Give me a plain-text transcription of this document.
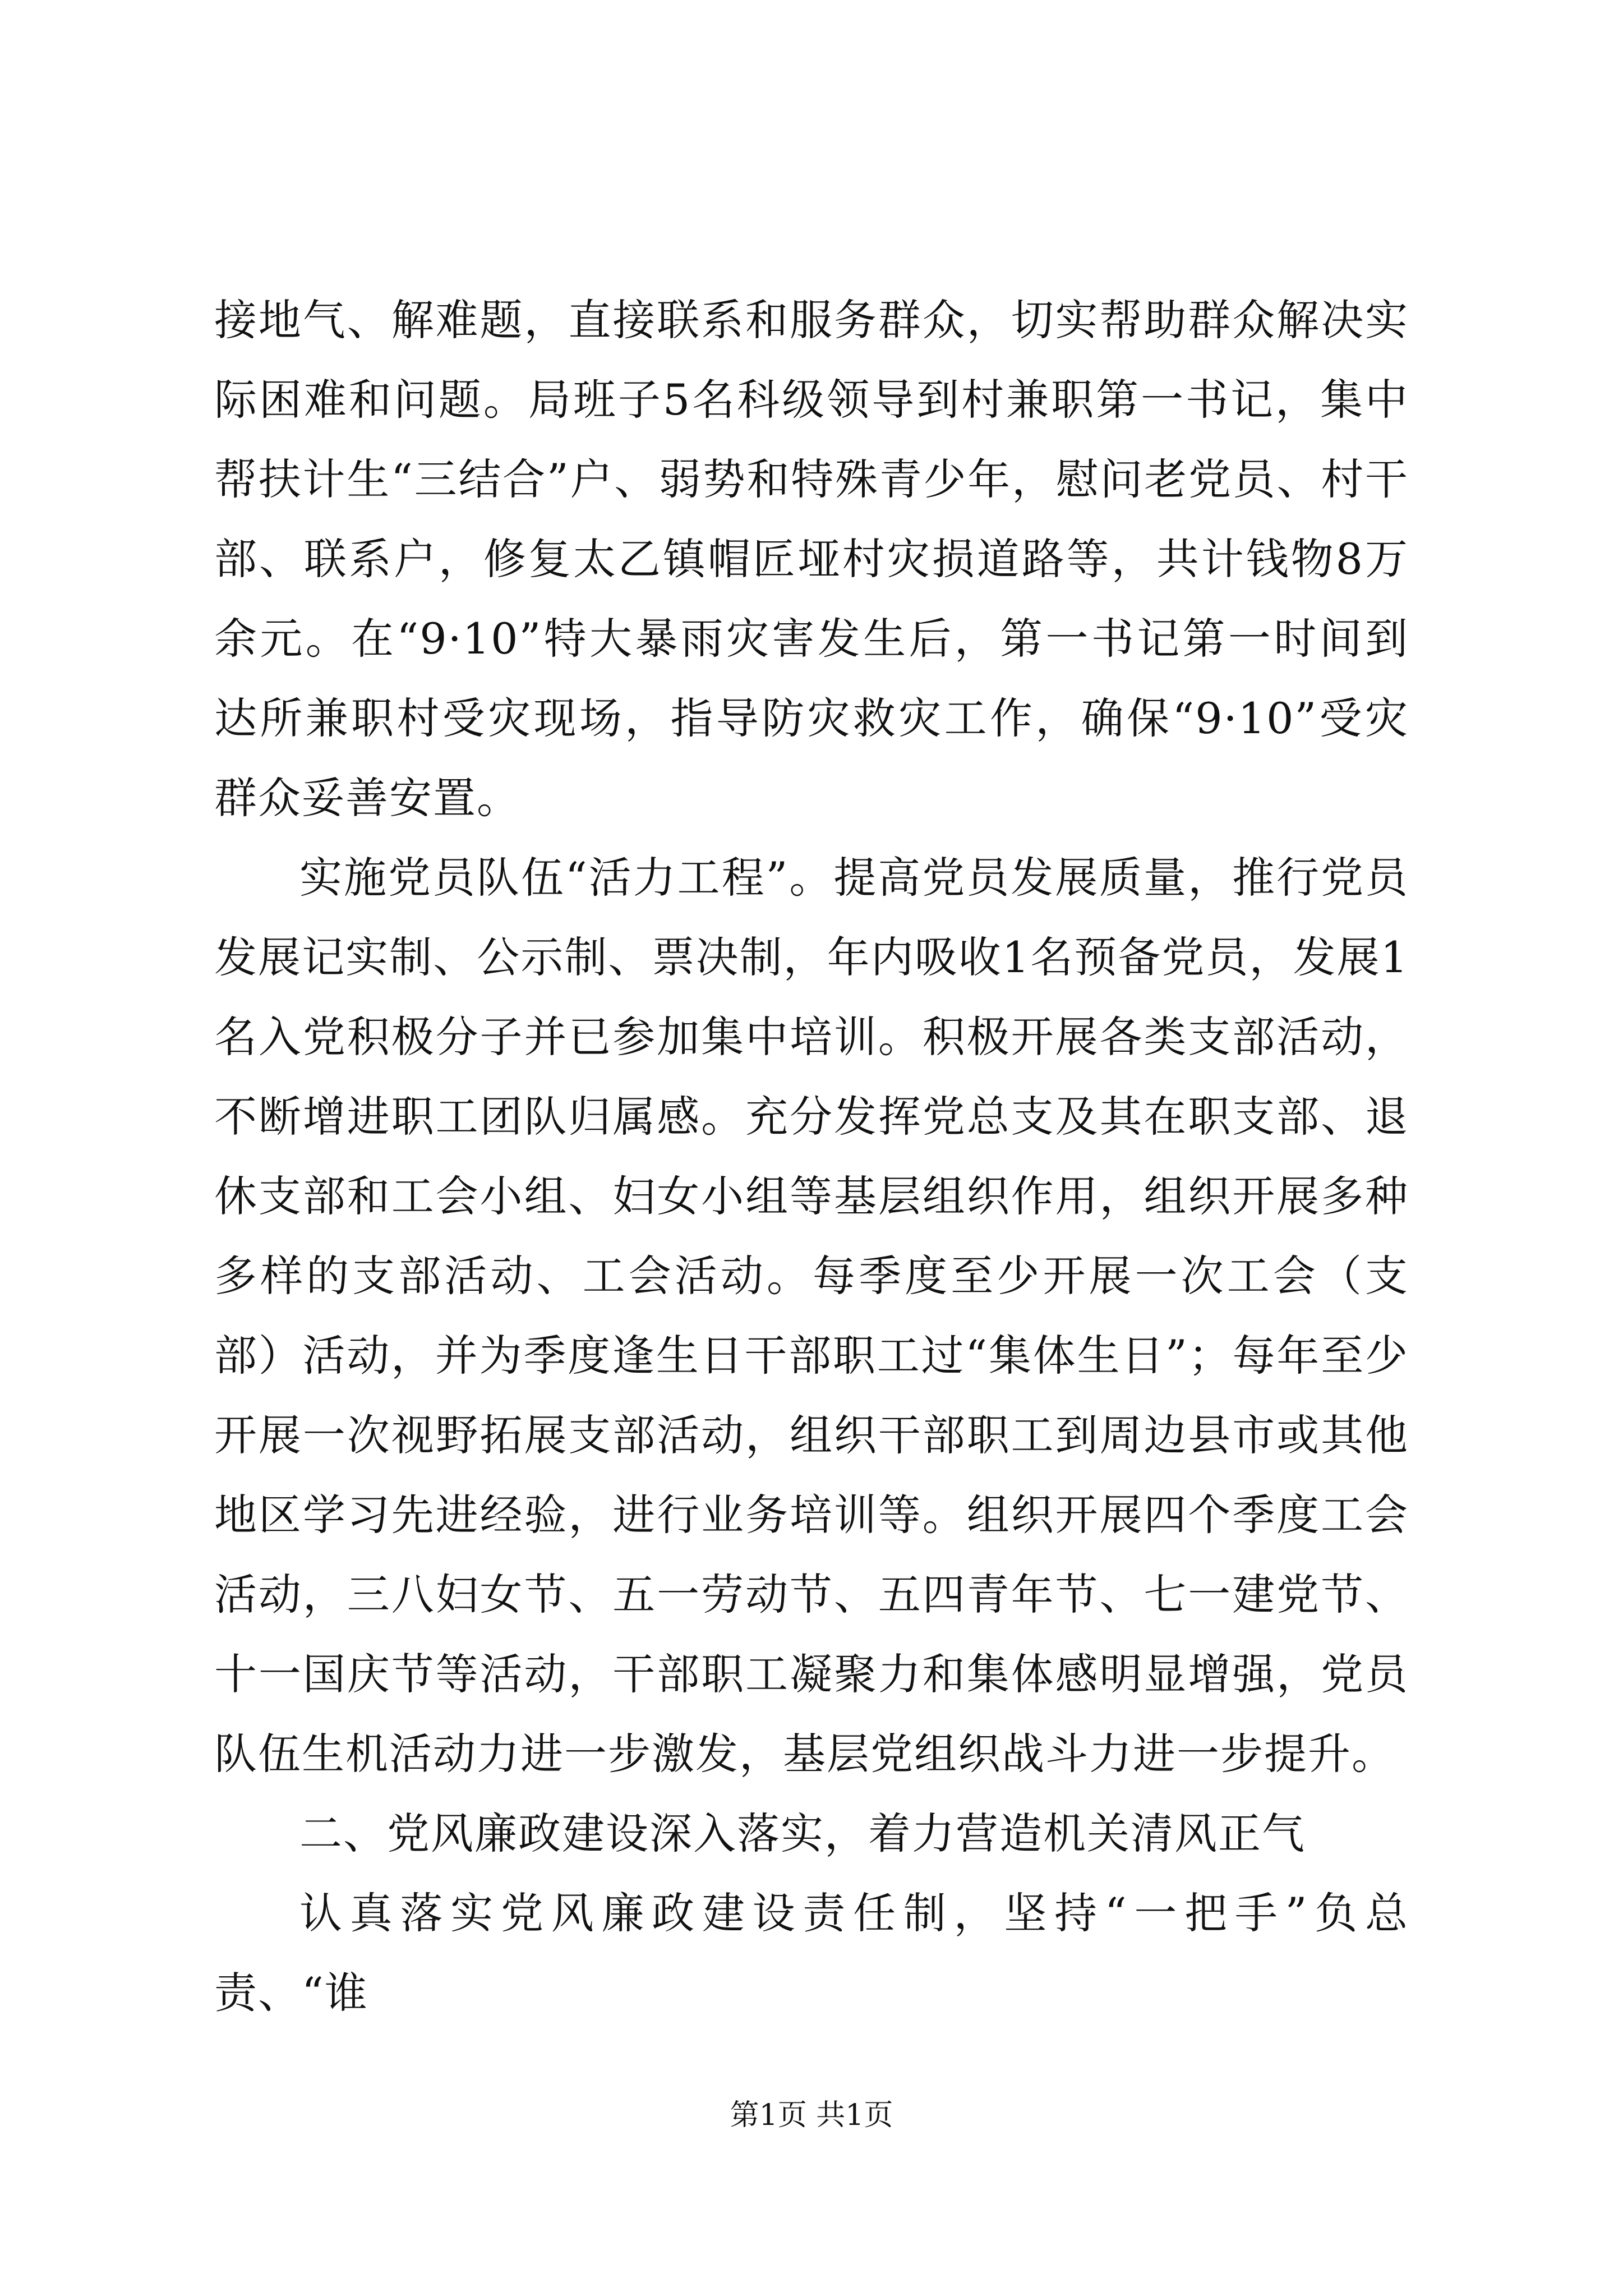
接地气、解难题，直接联系和服务群众，切实帮助群众解决实际困难和问题。局班子5名科级领导到村兼职第一书记，集中帮扶计生“三结合”户、弱势和特殊青少年，慰问老党员、村干部、联系户，修复太乙镇帽匠垭村灾损道路等，共计钱物8万余元。在“9·10”特大暴雨灾害发生后，第一书记第一时间到达所兼职村受灾现场，指导防灾救灾工作，确保“9·10”受灾群众妥善安置。

实施党员队伍“活力工程”。提高党员发展质量，推行党员发展记实制、公示制、票决制，年内吸收1名预备党员，发展1名入党积极分子并已参加集中培训。积极开展各类支部活动，不断增进职工团队归属感。充分发挥党总支及其在职支部、退休支部和工会小组、妇女小组等基层组织作用，组织开展多种多样的支部活动、工会活动。每季度至少开展一次工会（支部）活动，并为季度逢生日干部职工过“集体生日”；每年至少开展一次视野拓展支部活动，组织干部职工到周边县市或其他地区学习先进经验，进行业务培训等。组织开展四个季度工会活动，三八妇女节、五一劳动节、五四青年节、七一建党节、十一国庆节等活动，干部职工凝聚力和集体感明显增强，党员队伍生机活动力进一步激发，基层党组织战斗力进一步提升。

二、党风廉政建设深入落实，着力营造机关清风正气

认真落实党风廉政建设责任制，坚持“一把手”负总责、“谁

第1页 共1页
